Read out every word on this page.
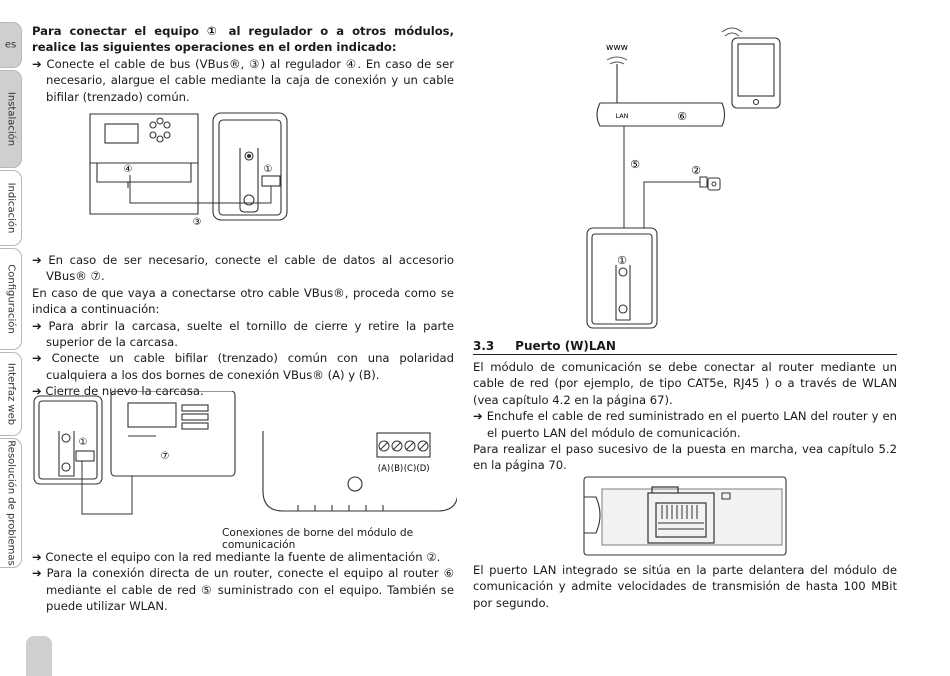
es
Instalación
Indicación
Configuración
Interfaz web
Resolución de problemas

Para conectar el equipo ① al regulador o a otros módulos, realice las siguientes operaciones en el orden indicado:

➔ Conecte el cable de bus (VBus®, ③) al regulador ④. En caso de ser necesario, alargue el cable mediante la caja de conexión y un cable bifilar (trenzado) común.

➔ En caso de ser necesario, conecte el cable de datos al accesorio VBus® ⑦.

En caso de que vaya a conectarse otro cable VBus®, proceda como se indica a continuación:

➔ Para abrir la carcasa, suelte el tornillo de cierre y retire la parte superior de la carcasa.

➔ Conecte un cable bifilar (trenzado) común con una polaridad cualquiera a los dos bornes de conexión VBus® (A) y (B).

➔ Cierre de nuevo la carcasa.

Conexiones de borne del módulo de comunicación

➔ Conecte el equipo con la red mediante la fuente de alimentación ②.

➔ Para la conexión directa de un router, conecte el equipo al router ⑥ mediante el cable de red ⑤ suministrado con el equipo. También se puede utilizar WLAN.

④
③
①
①
⑦
(A) (B) (C) (D)
www
LAN	⑥
⑤	②
①
3.3 Puerto (W)LAN

El módulo de comunicación se debe conectar al router mediante un cable de red (por ejemplo, de tipo CAT5e, RJ45 ) o a través de WLAN (vea capítulo 4.2 en la página 67).

➔ Enchufe el cable de red suministrado en el puerto LAN del router y en el puerto LAN del módulo de comunicación.

Para realizar el paso sucesivo de la puesta en marcha, vea capítulo 5.2 en la página 70.

El puerto LAN integrado se sitúa en la parte delantera del módulo de comunicación y admite velocidades de transmisión de hasta 100 MBit por segundo.
